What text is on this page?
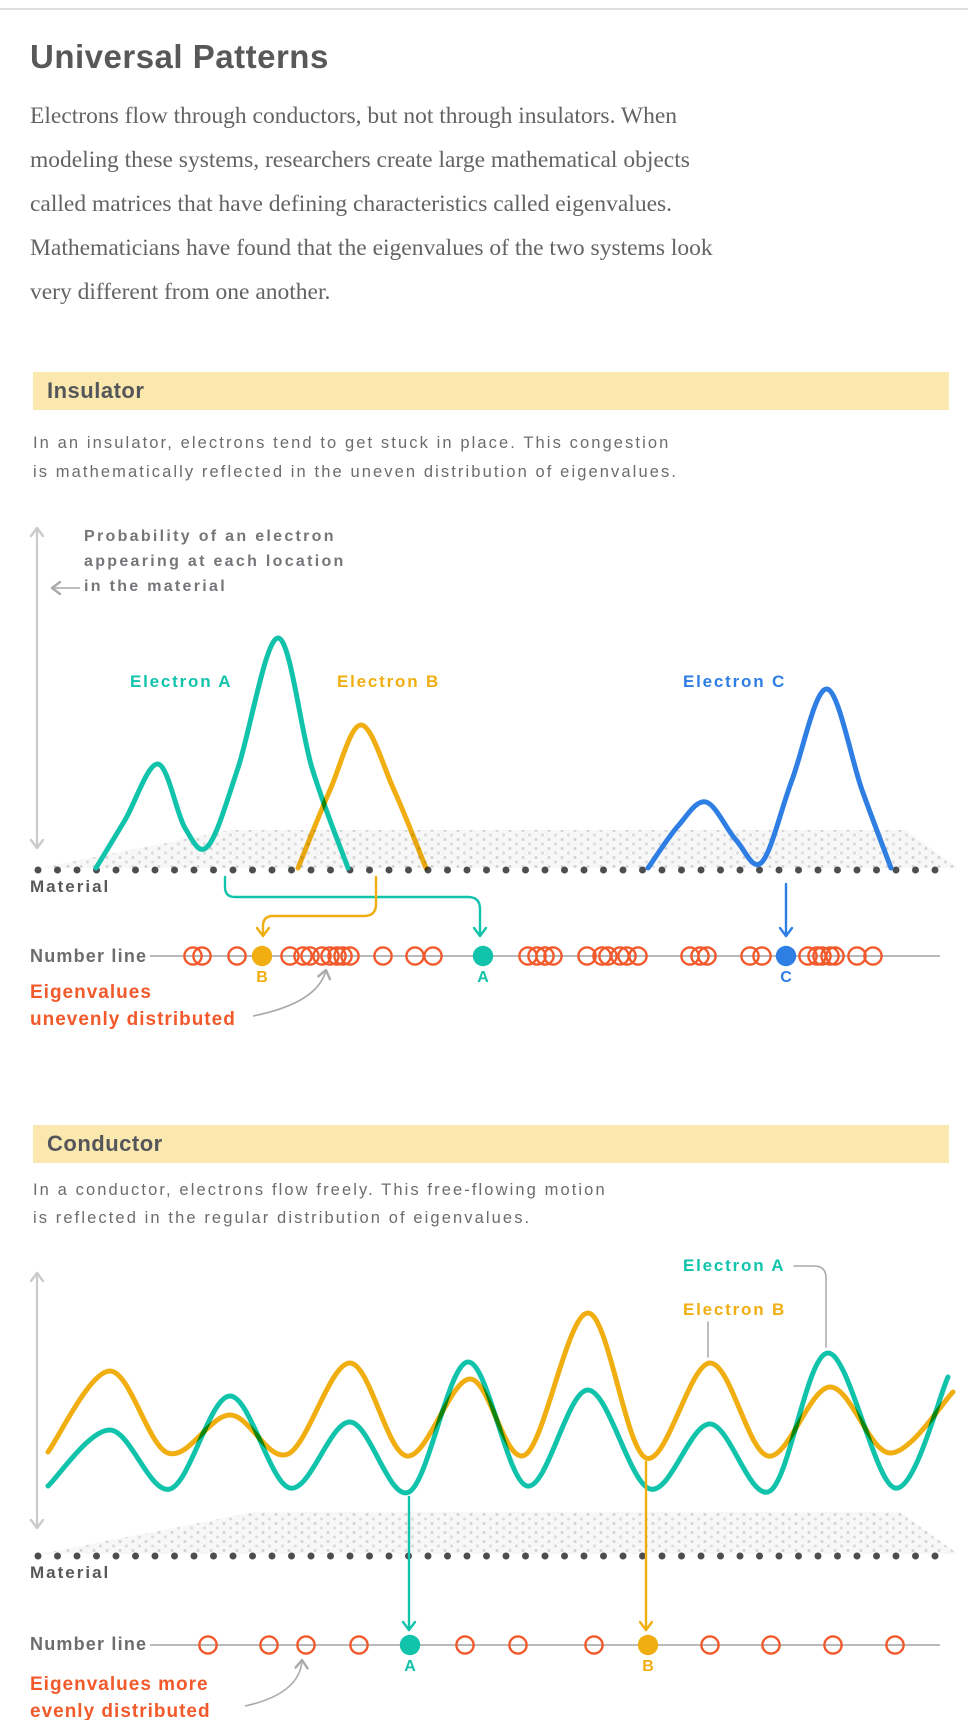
Universal Patterns
Electrons flow through conductors, but not through insulators. When
modeling these systems, researchers create large mathematical objects
called matrices that have defining characteristics called eigenvalues.
Mathematicians have found that the eigenvalues of the two systems look
very different from one another.
Insulator
In an insulator, electrons tend to get stuck in place. This congestion
is mathematically reflected in the uneven distribution of eigenvalues.
Probability of an electron
appearing at each location
in the material
Electron A	Electron B	Electron C
Material
Number line
Eigenvalues
unevenly distributed
Conductor
In a conductor, electrons flow freely. This free-flowing motion
is reflected in the regular distribution of eigenvalues.
Electron A
Electron B
Material
Number line
Eigenvalues more
evenly distributed
B	A	C
A	B
